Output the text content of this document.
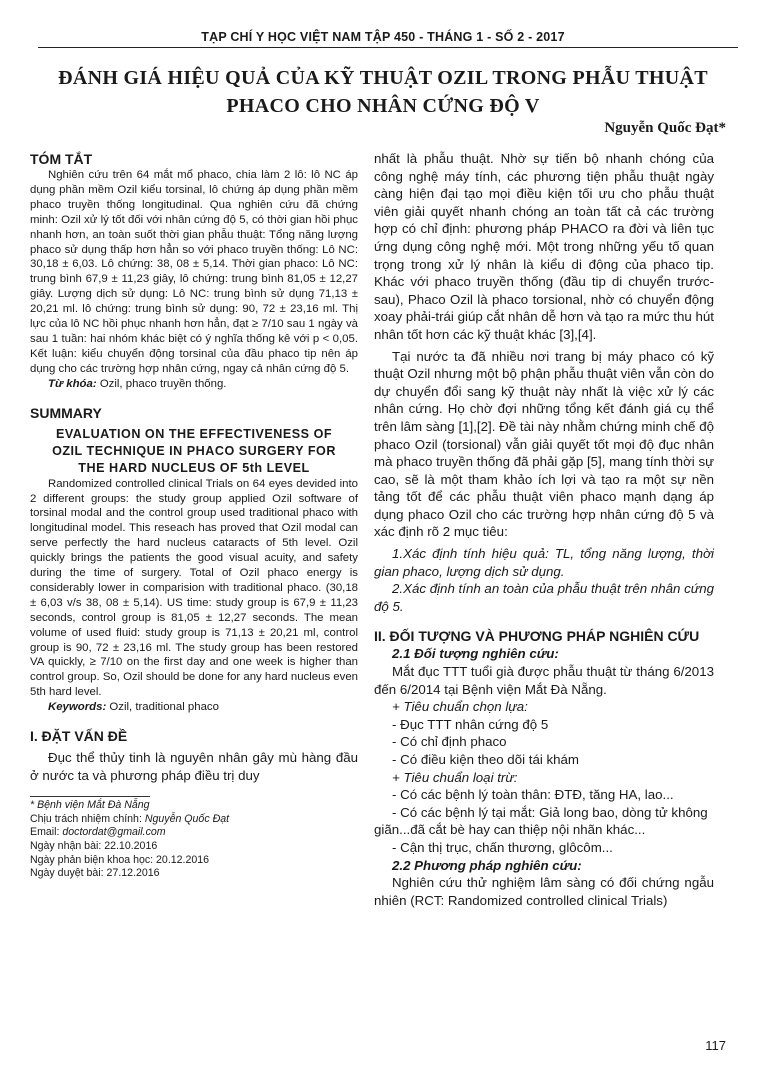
TẠP CHÍ Y HỌC VIỆT NAM TẬP 450 - THÁNG 1 - SỐ 2 - 2017
ĐÁNH GIÁ HIỆU QUẢ CỦA KỸ THUẬT OZIL TRONG PHẪU THUẬT
PHACO CHO NHÂN CỨNG ĐỘ V
Nguyễn Quốc Đạt*

TÓM TẮT

Nghiên cứu trên 64 mắt mổ phaco, chia làm 2 lô: lô NC áp dụng phần mềm Ozil kiểu torsinal, lô chứng áp dụng phần mềm phaco truyền thống longitudinal. Qua nghiên cứu đã chứng minh: Ozil xử lý tốt đối với nhân cứng độ 5, có thời gian hồi phục nhanh hơn, an toàn suốt thời gian phẫu thuật: Tổng năng lượng phaco sử dụng thấp hơn hẳn so với phaco truyền thống: Lô NC: 30,18 ± 6,03. Lô chứng: 38, 08 ± 5,14. Thời gian phaco: Lô NC: trung bình 67,9 ± 11,23 giây, lô chứng: trung bình 81,05 ± 12,27 giây. Lượng dịch sử dụng: Lô NC: trung bình sử dụng 71,13 ± 20,21 ml. lô chứng: trung bình sử dụng: 90, 72 ± 23,16 ml. Thị lực của lô NC hồi phục nhanh hơn hẳn, đạt ≥ 7/10 sau 1 ngày và sau 1 tuần: hai nhóm khác biệt có ý nghĩa thống kê với p < 0,05. Kết luận: kiểu chuyển động torsinal của đầu phaco tip nên áp dụng cho các trường hợp nhân cứng, ngay cả nhân cứng độ 5.

Từ khóa: Ozil, phaco truyền thống.

SUMMARY

EVALUATION ON THE EFFECTIVENESS OF

OZIL TECHNIQUE IN PHACO SURGERY FOR

THE HARD NUCLEUS OF 5th LEVEL

Randomized controlled clinical Trials on 64 eyes devided into 2 different groups: the study group applied Ozil software of torsinal modal and the control group used traditional phaco with longitudinal model. This reseach has proved that Ozil modal can serve perfectly the hard nucleus cataracts of 5th level. Ozil quickly brings the patients the good visual acuity, and safety during the time of surgery. Total of Ozil phaco energy is considerably lower in comparision with traditional phaco. (30,18 ± 6,03 v/s 38, 08 ± 5,14). US time: study group is 67,9 ± 11,23 seconds, control group is 81,05 ± 12,27 seconds. The mean volume of used fluid: study group is 71,13 ± 20,21 ml, control group is 90, 72 ± 23,16 ml. The study group has been restored VA quickly, ≥ 7/10 on the first day and one week is higher than control group. So, Ozil should be done for any hard nucleus even 5th hard level.

Keywords: Ozil, traditional phaco

I. ĐẶT VẤN ĐỀ

Đục thể thủy tinh là nguyên nhân gây mù hàng đầu ở nước ta và phương pháp điều trị duy

* Bệnh viện Mắt Đà Nẵng

Chịu trách nhiệm chính: Nguyễn Quốc Đạt

Email: doctordat@gmail.com

Ngày nhận bài: 22.10.2016

Ngày phản biện khoa học: 20.12.2016

Ngày duyệt bài: 27.12.2016

nhất là phẫu thuật. Nhờ sự tiến bộ nhanh chóng của công nghệ máy tính, các phương tiện phẫu thuật ngày càng hiện đại tạo mọi điều kiện tối ưu cho phẫu thuật viên giải quyết nhanh chóng an toàn tất cả các trường hợp có chỉ định: phương pháp PHACO ra đời và liên tục ứng dụng công nghệ mới. Một trong những yếu tố quan trọng trong xử lý nhân là kiểu di động của phaco tip. Khác với phaco truyền thống (đầu tip di chuyển trước-sau), Phaco Ozil là phaco torsional, nhờ có chuyển động xoay phải-trái giúp cắt nhân dễ hơn và tạo ra mức thu hút nhân tốt hơn các kỹ thuật khác [3],[4].

Tại nước ta đã nhiều nơi trang bị máy phaco có kỹ thuật Ozil nhưng một bộ phận phẫu thuật viên vẫn còn do dự chuyển đổi sang kỹ thuật này nhất là việc xử lý các nhân cứng. Họ chờ đợi những tổng kết đánh giá cụ thể trên lâm sàng [1],[2]. Đề tài này nhằm chứng minh chế độ phaco Ozil (torsional) vẫn giải quyết tốt mọi độ đục nhân mà phaco truyền thống đã phải gặp [5], mang tính thời sự cao, sẽ là một tham khảo ích lợi và tạo ra một sự nền tảng tốt để các phẫu thuật viên phaco mạnh dạng áp dụng phaco Ozil cho các trường hợp nhân cứng độ 5 và xác định rõ 2 mục tiêu:

1.Xác định tính hiệu quả: TL, tổng năng lượng, thời gian phaco, lượng dịch sử dụng.

2.Xác định tính an toàn của phẫu thuật trên nhân cứng độ 5.

II. ĐỐI TƯỢNG VÀ PHƯƠNG PHÁP NGHIÊN CỨU

2.1 Đối tượng nghiên cứu:

Mắt đục TTT tuổi già được phẫu thuật từ tháng 6/2013 đến 6/2014 tại Bệnh viện Mắt Đà Nẵng.

+ Tiêu chuẩn chọn lựa:

- Đục TTT nhân cứng độ 5

- Có chỉ định phaco

- Có điều kiện theo dõi tái khám

+ Tiêu chuẩn loại trừ:

- Có các bệnh lý toàn thân: ĐTĐ, tăng HA, lao...

- Có các bệnh lý tại mắt: Giả long bao, dòng tử không giãn...đã cắt bè hay can thiệp nội nhãn khác...

- Cận thị trục, chấn thương, glôcôm...

2.2 Phương pháp nghiên cứu:

Nghiên cứu thử nghiệm lâm sàng có đối chứng ngẫu nhiên (RCT: Randomized controlled clinical Trials)

117
